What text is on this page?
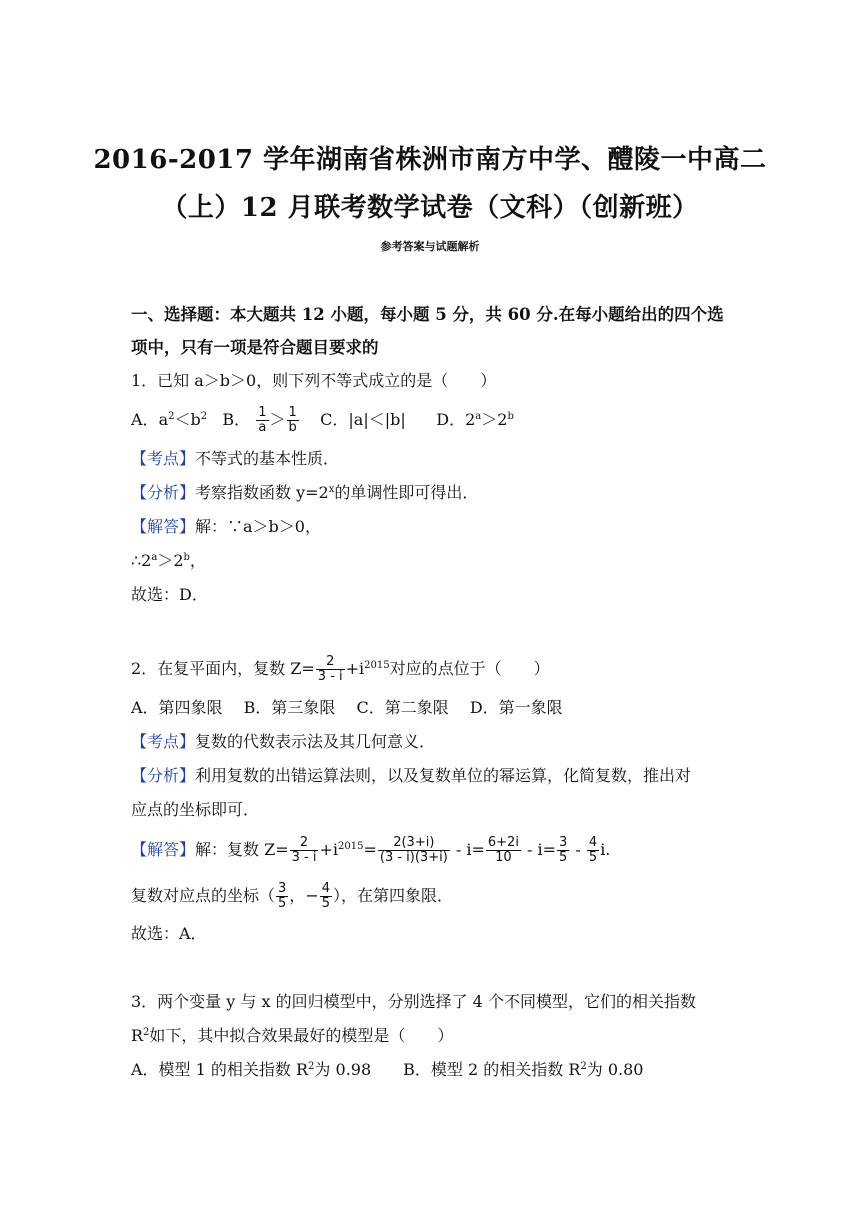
2016-2017 学年湖南省株洲市南方中学、醴陵一中高二
（上）12 月联考数学试卷（文科）（创新班）
参考答案与试题解析
一、选择题：本大题共 12 小题，每小题 5 分，共 60 分.在每小题给出的四个选
项中，只有一项是符合题目要求的
1．已知 a＞b＞0，则下列不等式成立的是（　　）
A．$a^2<b^2$ B． $\frac{1}{a} > \frac{1}{b}$ C．|a|＜|b| D．$2^a>2^b$
【考点】不等式的基本性质．
【分析】考察指数函数 $y=2^x$的单调性即可得出．
【解答】解：∵a＞b＞0，
$\therefore 2^a>2^b$，
故选：D．
2．在复平面内，复数 $Z= \frac{2}{3 - i} +i^{2015}$对应的点位于（　　）
A．第四象限　 B．第三象限　 C．第二象限　 D．第一象限
【考点】复数的代数表示法及其几何意义．
【分析】利用复数的出错运算法则，以及复数单位的幂运算，化简复数，推出对
应点的坐标即可．
【解答】解：复数 $Z= \frac{2}{3 - i} +i^{2015}= \frac{2(3+i)}{(3 - i)(3+i)} - i= \frac{6+2i}{10} - i= \frac{3}{5} - \frac{4}{5} i$.
复数对应点的坐标（ $\frac{3}{5}$ ，− $\frac{4}{5}$ ），在第四象限．
故选：A．
3．两个变量 y 与 x 的回归模型中，分别选择了 4 个不同模型，它们的相关指数
$R^2$如下，其中拟合效果最好的模型是（　　）
A．模型 1 的相关指数 $R^2$为 0.98　　B．模型 2 的相关指数 $R^2$为 0.80
